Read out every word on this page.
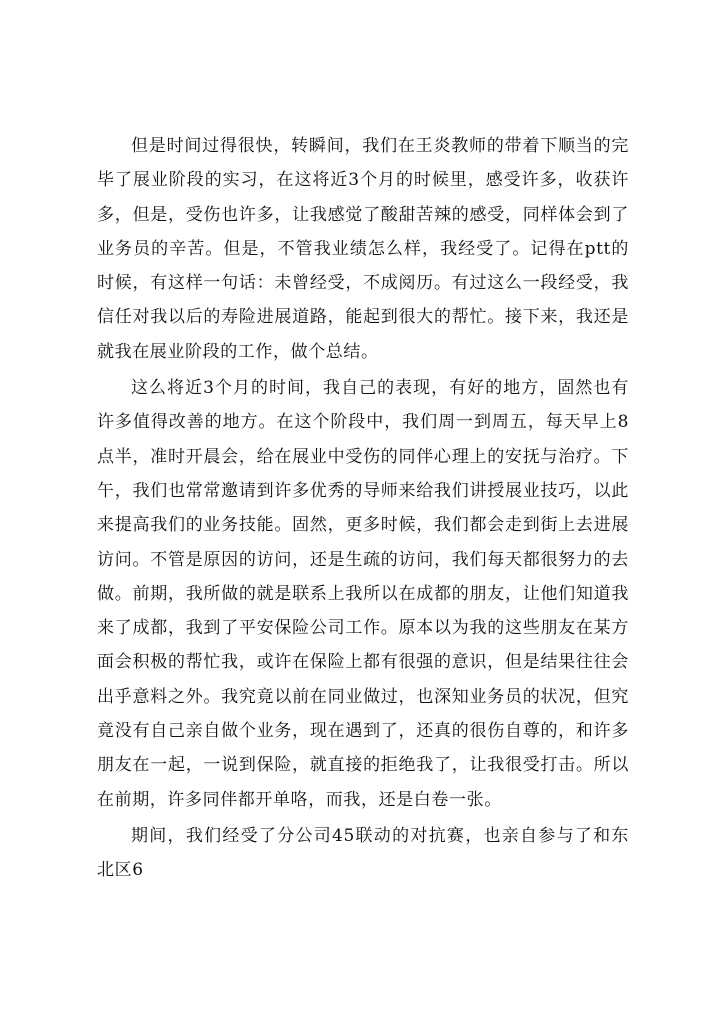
但是时间过得很快，转瞬间，我们在王炎教师的带着下顺当的完毕了展业阶段的实习，在这将近3个月的时候里，感受许多，收获许多，但是，受伤也许多，让我感觉了酸甜苦辣的感受，同样体会到了业务员的辛苦。但是，不管我业绩怎么样，我经受了。记得在ptt的时候，有这样一句话：未曾经受，不成阅历。有过这么一段经受，我信任对我以后的寿险进展道路，能起到很大的帮忙。接下来，我还是就我在展业阶段的工作，做个总结。

这么将近3个月的时间，我自己的表现，有好的地方，固然也有许多值得改善的地方。在这个阶段中，我们周一到周五，每天早上8点半，准时开晨会，给在展业中受伤的同伴心理上的安抚与治疗。下午，我们也常常邀请到许多优秀的导师来给我们讲授展业技巧，以此来提高我们的业务技能。固然，更多时候，我们都会走到街上去进展访问。不管是原因的访问，还是生疏的访问，我们每天都很努力的去做。前期，我所做的就是联系上我所以在成都的朋友，让他们知道我来了成都，我到了平安保险公司工作。原本以为我的这些朋友在某方面会积极的帮忙我，或许在保险上都有很强的意识，但是结果往往会出乎意料之外。我究竟以前在同业做过，也深知业务员的状况，但究竟没有自己亲自做个业务，现在遇到了，还真的很伤自尊的，和许多朋友在一起，一说到保险，就直接的拒绝我了，让我很受打击。所以在前期，许多同伴都开单咯，而我，还是白卷一张。

期间，我们经受了分公司45联动的对抗赛，也亲自参与了和东北区6
